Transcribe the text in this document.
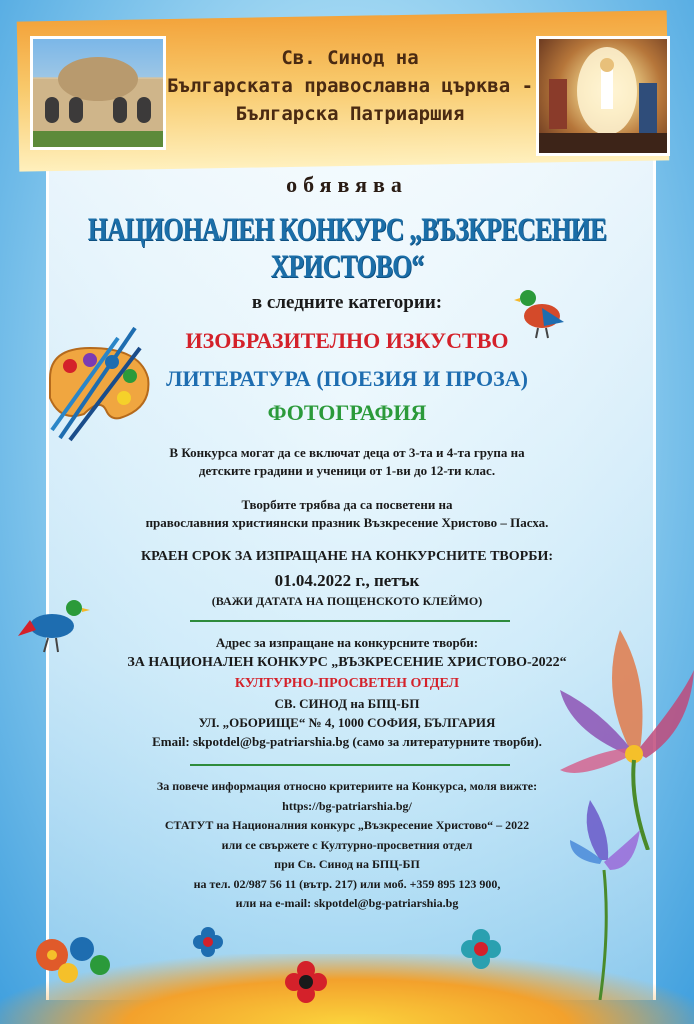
Св. Синод на
Българската православна църква -
Българска Патриаршия
обявява
НАЦИОНАЛЕН КОНКУРС „ВЪЗКРЕСЕНИЕ ХРИСТОВО“
в следните категории:
ИЗОБРАЗИТЕЛНО ИЗКУСТВО
ЛИТЕРАТУРА (ПОЕЗИЯ И ПРОЗА)
ФОТОГРАФИЯ
В Конкурса могат да се включат деца от 3-та и 4-та група на
детските градини и ученици от 1-ви до 12-ти клас.
Творбите трябва да са посветени на
православния християнски празник Възкресение Христово – Пасха.
КРАЕН СРОК ЗА ИЗПРАЩАНЕ НА КОНКУРСНИТЕ ТВОРБИ:
01.04.2022 г., петък
(ВАЖИ ДАТАТА НА ПОЩЕНСКОТО КЛЕЙМО)
Адрес за изпращане на конкурсните творби:
ЗА НАЦИОНАЛЕН КОНКУРС „ВЪЗКРЕСЕНИЕ ХРИСТОВО-2022“
КУЛТУРНО-ПРОСВЕТЕН ОТДЕЛ
СВ. СИНОД на БПЦ-БП
УЛ. „ОБОРИЩЕ“ № 4, 1000 СОФИЯ, БЪЛГАРИЯ
Email: skpotdel@bg-patriarshia.bg (само за литературните творби).
За повече информация относно критериите на Конкурса, моля вижте:
https://bg-patriarshia.bg/
СТАТУТ на Националния конкурс „Възкресение Христово“ – 2022
или се свържете с Културно-просветния отдел
при Св. Синод на БПЦ-БП
на тел. 02/987 56 11 (вътр. 217) или моб. +359 895 123 900,
или на e-mail: skpotdel@bg-patriarshia.bg
